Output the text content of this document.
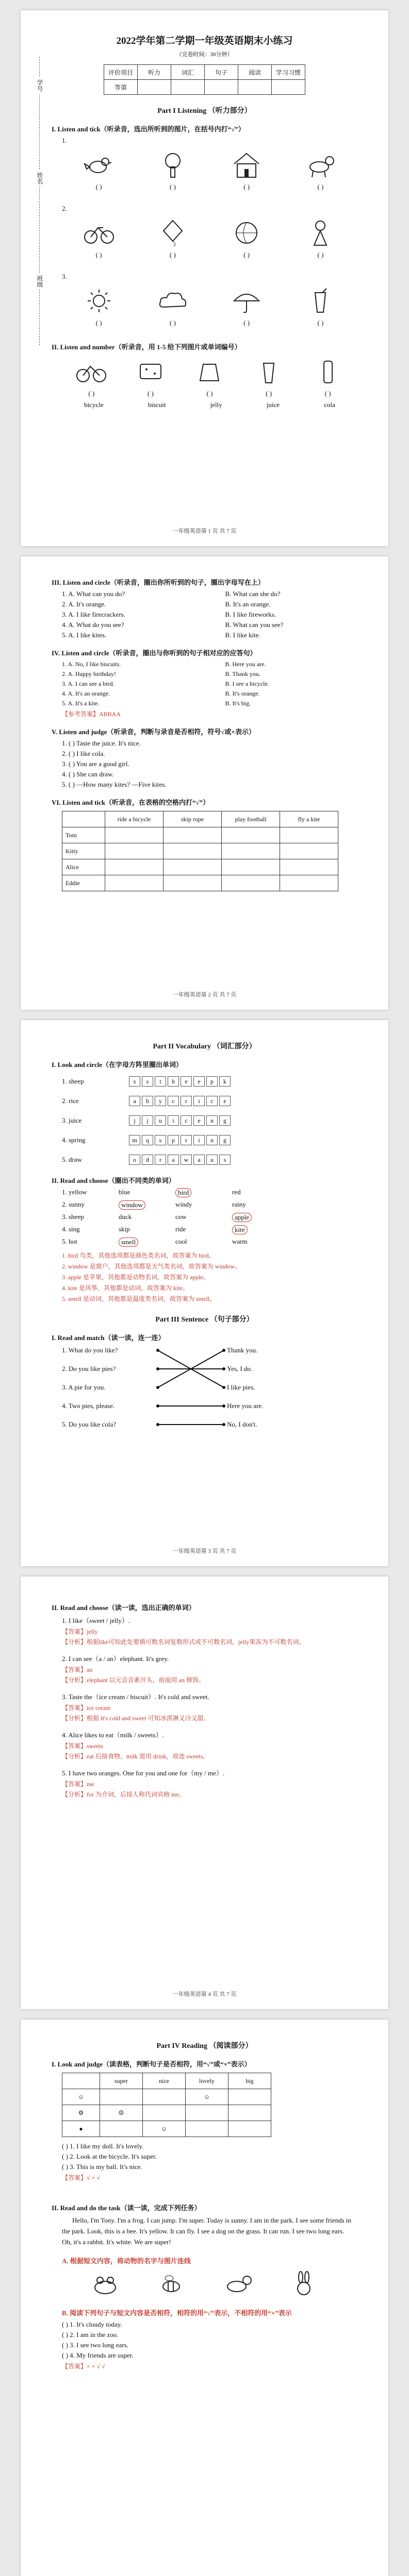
学号
姓名
班级
2022学年第二学期一年级英语期末小练习
（完卷时间：30分钟）
评价项目	听力	词汇	句子	阅读	学习习惯
等第					
Part I Listening （听力部分）
I. Listen and tick（听录音，选出所听到的图片，在括号内打“√”）
1.
( )	( )	( )	( )
2.
( )	( )	( )	( )
3.
( )	( )	( )	( )
II. Listen and number（听录音，用 1-5 给下列图片或单词编号）
( )	( )	( )	( )	( )
bicycle	biscuit	jelly	juice	cola
一年级英语第 1 页 共 7 页
III. Listen and circle（听录音，圈出你所听到的句子，圈出字母写在上）
1. A. What can you do?	B. What can she do?
2. A. It's orange.	B. It's an orange.
3. A. I like firecrackers.	B. I like fireworks.
4. A. What do you see?	B. What can you see?
5. A. I like kites.	B. I like kite.
IV. Listen and circle（听录音，圈出与你听到的句子相对应的应答句）
1. A. No, I like biscuits.	B. Here you are.
2. A. Happy birthday!	B. Thank you.
3. A. I can see a bird.	B. I see a bicycle.
4. A. It's an orange.	B. It's orange.
5. A. It's a kite.	B. It's big.
【参考答案】ABBAA
V. Listen and judge（听录音，判断与录音是否相符，符号√或×表示）
1. ( ) Taste the juice. It's nice.
2. ( ) I like cola.
3. ( ) You are a good girl.
4. ( ) She can draw.
5. ( ) —How many kites? —Five kites.
VI. Listen and tick（听录音，在表格的空格内打“√”）
	ride a bicycle	skip rope	play football	fly a kite
Tom				
Kitty				
Alice				
Eddie				
一年级英语第 2 页 共 7 页
Part II Vocabulary （词汇部分）
I. Look and circle（在字母方阵里圈出单词）
1. sheep	x	s	t	h	e	e	p	k
2. rice	a	b	y	c	r	i	c	e
3. juice	j	j	u	i	c	e	n	g
4. spring	m	q	s	p	r	i	n	g
5. draw	o	d	r	a	w	a	u	s
II. Read and choose（圈出不同类的单词）
1. yellow	blue	bird	red
2. sunny	window	windy	rainy
3. sheep	duck	cow	apple
4. sing	skip	ride	kite
5. hot	smell	cool	warm
1. bird 鸟类，其他选项都是颜色类名词，故答案为 bird。
2. window 是窗户，其他选项都是天气类名词，故答案为 window。
3. apple 是苹果，其他都是动物名词，故答案为 apple。
4. kite 是风筝，其他都是动词，故答案为 kite。
5. smell 是动词，其他都是温度类名词，故答案为 smell。
Part III Sentence （句子部分）
I. Read and match（读一读，连一连）
1. What do you like?
2. Do you like pies?
3. A pie for you.
4. Two pies, please.
5. Do you like cola?
Thank you.
Yes, I do.
I like pies.
Here you are.
No, I don't.
一年级英语第 3 页 共 7 页
II. Read and choose（读一读，选出正确的单词）
1. I like（sweet / jelly）.
【答案】jelly
【分析】根据like可知此处要填可数名词复数形式或不可数名词，jelly果冻为不可数名词。
2. I can see（a / an）elephant. It's grey.
【答案】an
【分析】elephant 以元音音素开头，前面用 an 修饰。
3. Taste the（ice cream / biscuit）. It's cold and sweet.
【答案】ice cream
【分析】根据 It's cold and sweet 可知冰淇淋又冷又甜。
4. Alice likes to eat（milk / sweets）.
【答案】sweets
【分析】eat 后接食物，milk 需用 drink，故选 sweets。
5. I have two oranges. One for you and one for（my / me）.
【答案】me
【分析】for 为介词，后接人称代词宾格 me。
一年级英语第 4 页 共 7 页
Part IV Reading （阅读部分）
I. Look and judge（读表格，判断句子是否相符，用“√”或“×”表示）
	super	nice	lovely	big
☺			☺	
⚙	☹			
●		☺		
( ) 1. I like my doll. It's lovely.
( ) 2. Look at the bicycle. It's super.
( ) 3. This is my ball. It's nice.
【答案】√ × √
II. Read and do the task（读一读，完成下列任务）
Hello, I'm Tony. I'm a frog. I can jump. I'm super. Today is sunny. I am in the park. I see some friends in the park. Look, this is a bee. It's yellow. It can fly. I see a dog on the grass. It can run. I see two long ears. Oh, it's a rabbit. It's white. We are super!
A. 根据短文内容，将动物的名字与图片连线
B. 阅读下列句子与短文内容是否相符，相符的用“√”表示，不相符的用“×”表示
( ) 1. It's cloudy today.
( ) 2. I am in the zoo.
( ) 3. I see two long ears.
( ) 4. My friends are super.
【答案】× × √ √
